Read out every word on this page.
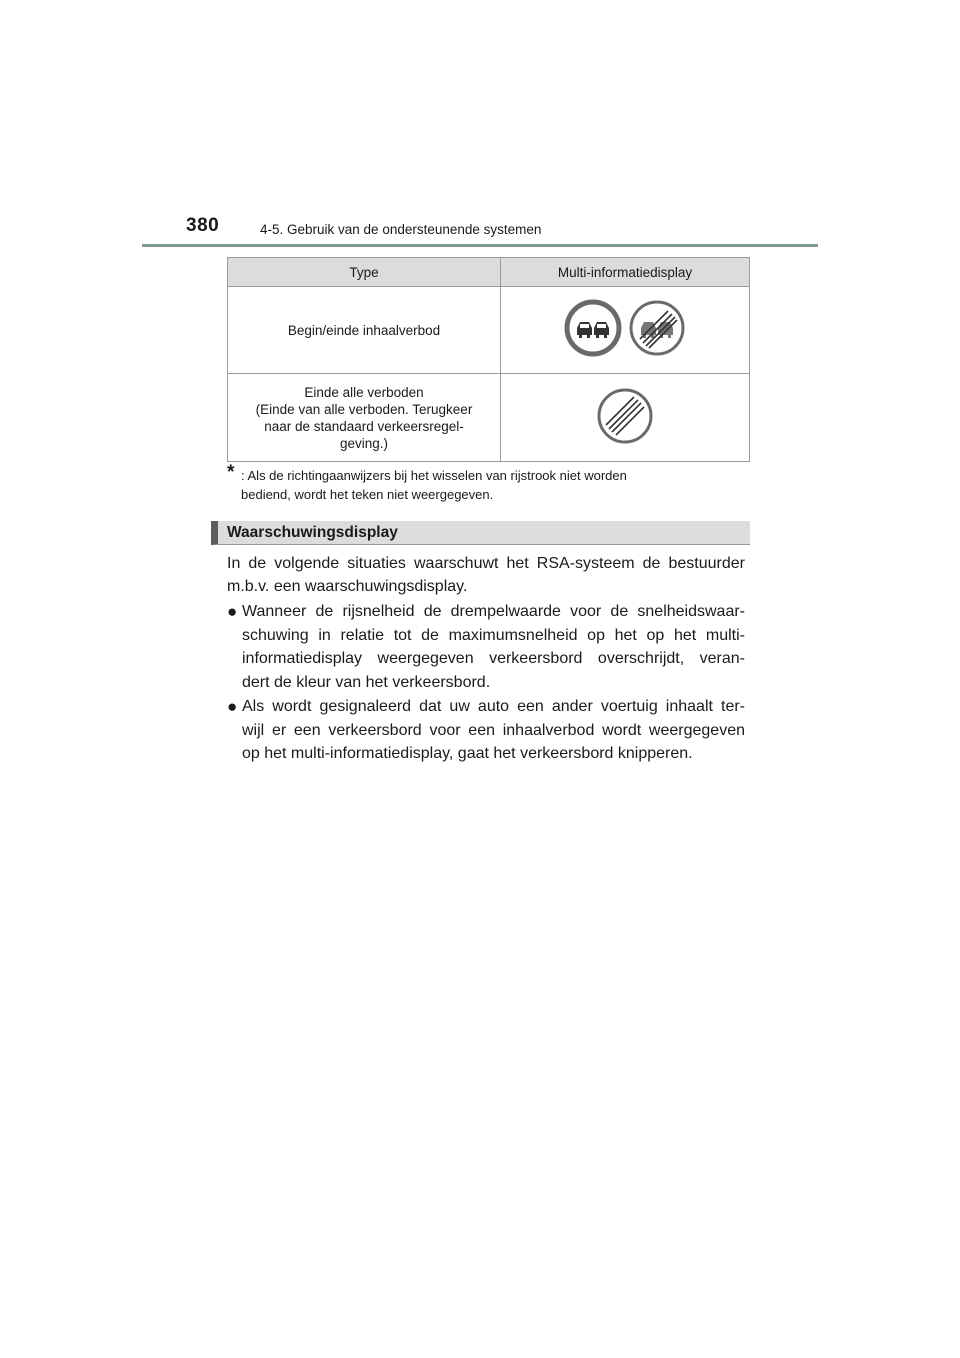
380	4-5. Gebruik van de ondersteunende systemen
Type	Multi-informatiedisplay

Begin/einde inhaalverbod

Einde alle verboden
(Einde van alle verboden. Terugkeer
naar de standaard verkeersregel-
geving.)

* : Als de richtingaanwijzers bij het wisselen van rijstrook niet worden
bediend, wordt het teken niet weergegeven.
Waarschuwingsdisplay
In de volgende situaties waarschuwt het RSA-systeem de bestuurder
m.b.v. een waarschuwingsdisplay.
● Wanneer de rijsnelheid de drempelwaarde voor de snelheidswaar-
schuwing in relatie tot de maximumsnelheid op het op het multi-
informatiedisplay weergegeven verkeersbord overschrijdt, veran-
dert de kleur van het verkeersbord.
● Als wordt gesignaleerd dat uw auto een ander voertuig inhaalt ter-
wijl er een verkeersbord voor een inhaalverbod wordt weergegeven
op het multi-informatiedisplay, gaat het verkeersbord knipperen.
